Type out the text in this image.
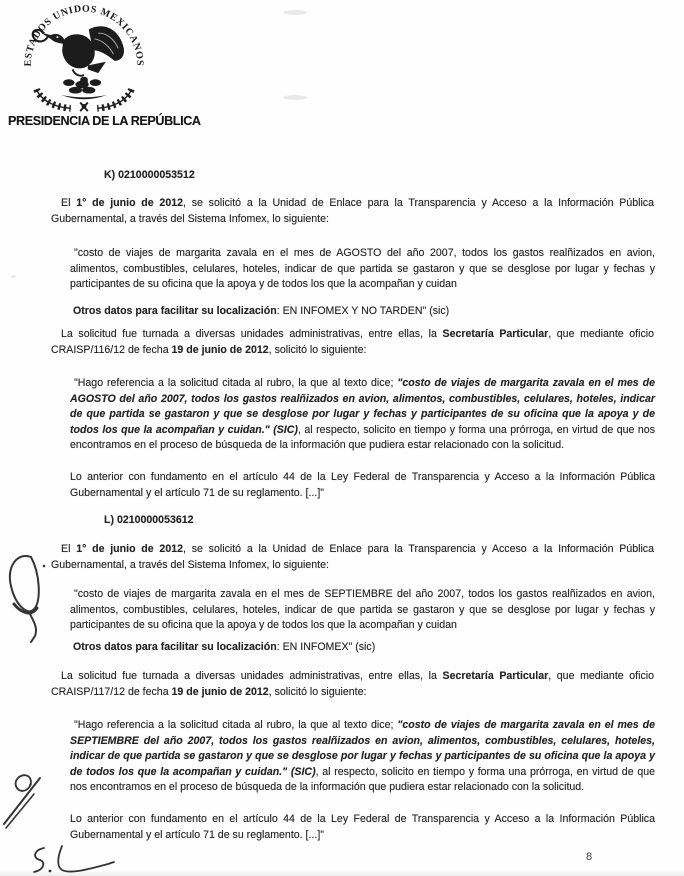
ESTADOS UNIDOS MEXICANOS
PRESIDENCIA DE LA REPÚBLICA
K) 0210000053512

El 1° de junio de 2012, se solicitó a la Unidad de Enlace para la Transparencia y Acceso a la Información Pública Gubernamental, a través del Sistema Infomex, lo siguiente:

"costo de viajes de margarita zavala en el mes de AGOSTO del año 2007, todos los gastos realñizados en avion, alimentos, combustibles, celulares, hoteles, indicar de que partida se gastaron y que se desglose por lugar y fechas y participantes de su oficina que la apoya y de todos los que la acompañan y cuidan

Otros datos para facilitar su localización: EN INFOMEX Y NO TARDEN" (sic)

La solicitud fue turnada a diversas unidades administrativas, entre ellas, la Secretaría Particular, que mediante oficio CRAISP/116/12 de fecha 19 de junio de 2012, solicitó lo siguiente:

"Hago referencia a la solicitud citada al rubro, la que al texto dice; "costo de viajes de margarita zavala en el mes de AGOSTO del año 2007, todos los gastos realñizados en avion, alimentos, combustibles, celulares, hoteles, indicar de que partida se gastaron y que se desglose por lugar y fechas y participantes de su oficina que la apoya y de todos los que la acompañan y cuidan." (SIC), al respecto, solicito en tiempo y forma una prórroga, en virtud de que nos encontramos en el proceso de búsqueda de la información que pudiera estar relacionado con la solicitud.

Lo anterior con fundamento en el artículo 44 de la Ley Federal de Transparencia y Acceso a la Información Pública Gubernamental y el artículo 71 de su reglamento. [...]"

L) 0210000053612

El 1° de junio de 2012, se solicitó a la Unidad de Enlace para la Transparencia y Acceso a la Información Pública Gubernamental, a través del Sistema Infomex, lo siguiente:

"costo de viajes de margarita zavala en el mes de SEPTIEMBRE del año 2007, todos los gastos realñizados en avion, alimentos, combustibles, celulares, hoteles, indicar de que partida se gastaron y que se desglose por lugar y fechas y participantes de su oficina que la apoya y de todos los que la acompañan y cuidan

Otros datos para facilitar su localización: EN INFOMEX" (sic)

La solicitud fue turnada a diversas unidades administrativas, entre ellas, la Secretaría Particular, que mediante oficio CRAISP/117/12 de fecha 19 de junio de 2012, solicitó lo siguiente:

"Hago referencia a la solicitud citada al rubro, la que al texto dice; "costo de viajes de margarita zavala en el mes de SEPTIEMBRE del año 2007, todos los gastos realñizados en avion, alimentos, combustibles, celulares, hoteles, indicar de que partida se gastaron y que se desglose por lugar y fechas y participantes de su oficina que la apoya y de todos los que la acompañan y cuidan." (SIC), al respecto, solicito en tiempo y forma una prórroga, en virtud de que nos encontramos en el proceso de búsqueda de la información que pudiera estar relacionado con la solicitud.

Lo anterior con fundamento en el artículo 44 de la Ley Federal de Transparencia y Acceso a la Información Pública Gubernamental y el artículo 71 de su reglamento. [...]"

8
